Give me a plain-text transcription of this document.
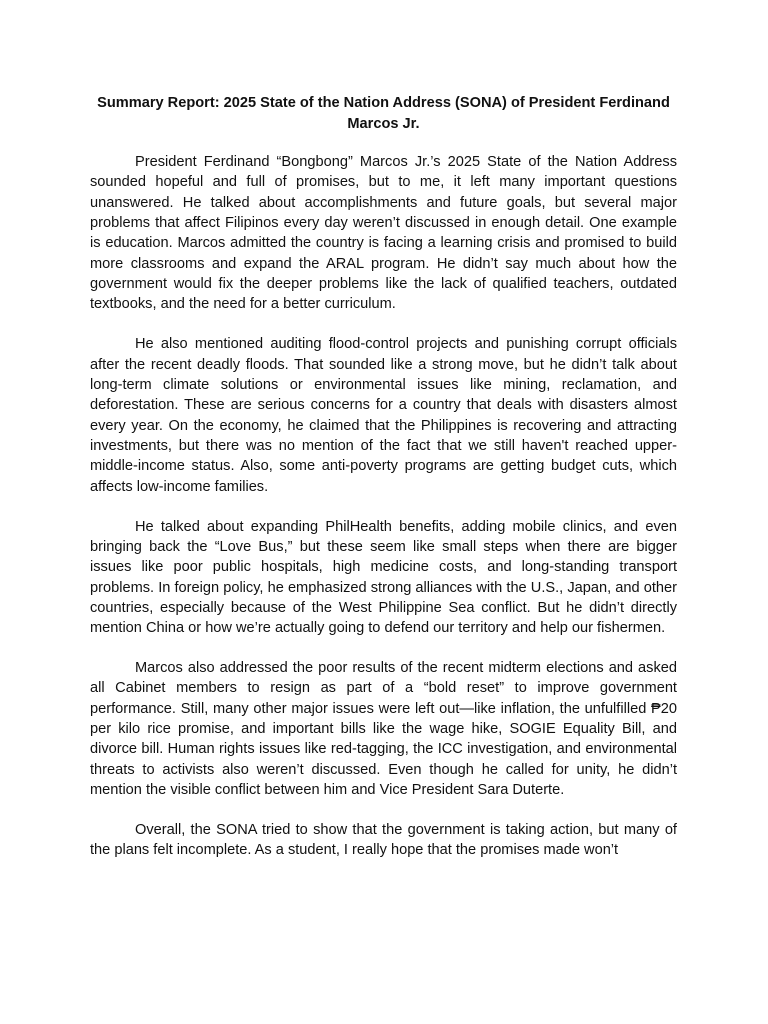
Summary Report: 2025 State of the Nation Address (SONA) of President Ferdinand Marcos Jr.

President Ferdinand “Bongbong” Marcos Jr.’s 2025 State of the Nation Address sounded hopeful and full of promises, but to me, it left many important questions unanswered. He talked about accomplishments and future goals, but several major problems that affect Filipinos every day weren’t discussed in enough detail. One example is education. Marcos admitted the country is facing a learning crisis and promised to build more classrooms and expand the ARAL program. He didn’t say much about how the government would fix the deeper problems like the lack of qualified teachers, outdated textbooks, and the need for a better curriculum.

He also mentioned auditing flood-control projects and punishing corrupt officials after the recent deadly floods. That sounded like a strong move, but he didn’t talk about long-term climate solutions or environmental issues like mining, reclamation, and deforestation. These are serious concerns for a country that deals with disasters almost every year. On the economy, he claimed that the Philippines is recovering and attracting investments, but there was no mention of the fact that we still haven't reached upper-middle-income status. Also, some anti-poverty programs are getting budget cuts, which affects low-income families.

He talked about expanding PhilHealth benefits, adding mobile clinics, and even bringing back the “Love Bus,” but these seem like small steps when there are bigger issues like poor public hospitals, high medicine costs, and long-standing transport problems. In foreign policy, he emphasized strong alliances with the U.S., Japan, and other countries, especially because of the West Philippine Sea conflict. But he didn’t directly mention China or how we’re actually going to defend our territory and help our fishermen.

Marcos also addressed the poor results of the recent midterm elections and asked all Cabinet members to resign as part of a “bold reset” to improve government performance. Still, many other major issues were left out—like inflation, the unfulfilled ₱20 per kilo rice promise, and important bills like the wage hike, SOGIE Equality Bill, and divorce bill. Human rights issues like red-tagging, the ICC investigation, and environmental threats to activists also weren’t discussed. Even though he called for unity, he didn’t mention the visible conflict between him and Vice President Sara Duterte.

Overall, the SONA tried to show that the government is taking action, but many of the plans felt incomplete. As a student, I really hope that the promises made won’t
